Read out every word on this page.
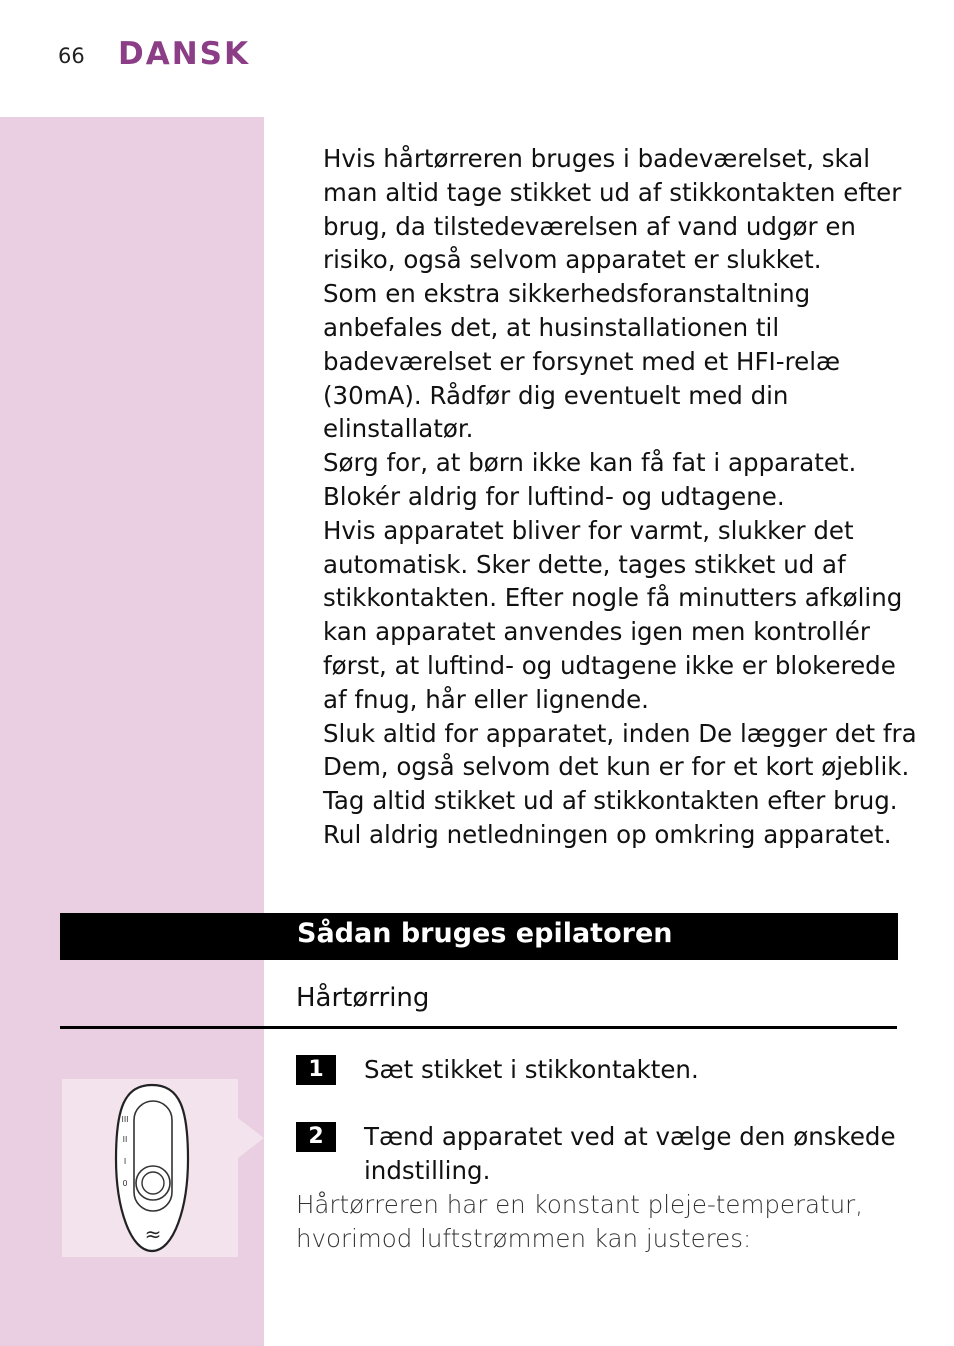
66 DANSK

Hvis hårtørreren bruges i badeværelset, skal man altid tage stikket ud af stikkontakten efter brug, da tilstedeværelsen af vand udgør en risiko, også selvom apparatet er slukket.

Som en ekstra sikkerhedsforanstaltning anbefales det, at husinstallationen til badeværelset er forsynet med et HFI-relæ (30mA). Rådfør dig eventuelt med din elinstallatør.

Sørg for, at børn ikke kan få fat i apparatet.

Blokér aldrig for luftind- og udtagene.

Hvis apparatet bliver for varmt, slukker det automatisk. Sker dette, tages stikket ud af stikkontakten. Efter nogle få minutters afkøling kan apparatet anvendes igen men kontrollér først, at luftind- og udtagene ikke er blokerede af fnug, hår eller lignende.

Sluk altid for apparatet, inden De lægger det fra Dem, også selvom det kun er for et kort øjeblik.

Tag altid stikket ud af stikkontakten efter brug.

Rul aldrig netledningen op omkring apparatet.

Sådan bruges epilatoren
Hårtørring
1	Sæt stikket i stikkontakten.
2	Tænd apparatet ved at vælge den ønskede indstilling.
Hårtørreren har en konstant pleje-temperatur, hvorimod luftstrømmen kan justeres:
III
II
I
0
≈
